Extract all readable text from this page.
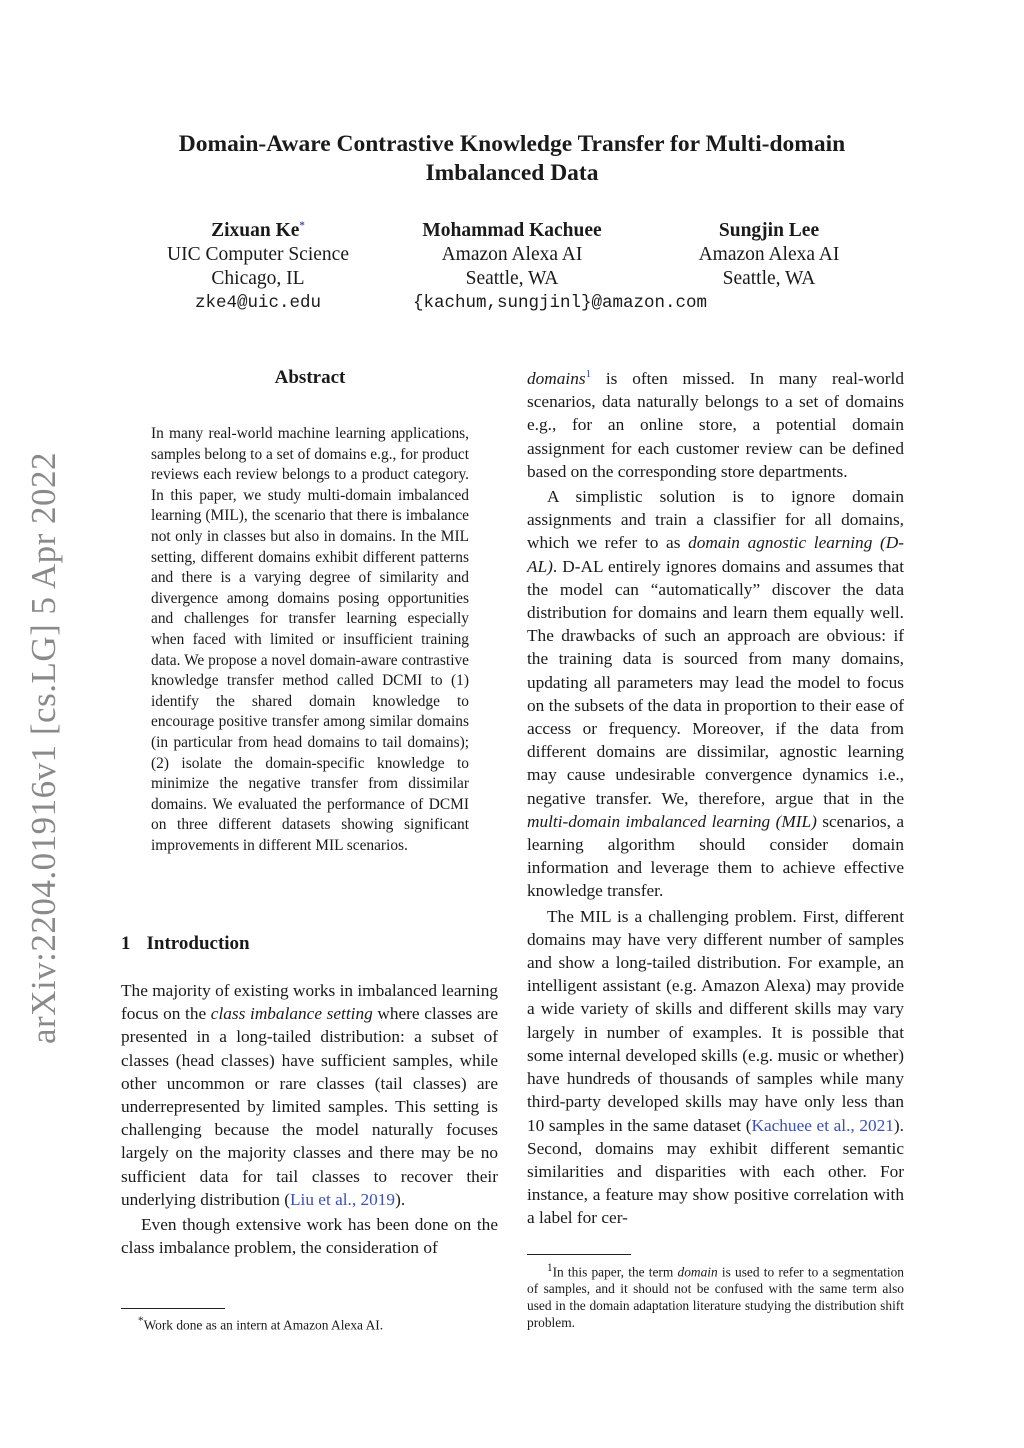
arXiv:2204.01916v1 [cs.LG] 5 Apr 2022
Domain-Aware Contrastive Knowledge Transfer for Multi-domain
Imbalanced Data
Zixuan Ke*
UIC Computer Science
Chicago, IL
zke4@uic.edu
Mohammad Kachuee
Amazon Alexa AI
Seattle, WA
Sungjin Lee
Amazon Alexa AI
Seattle, WA
{kachum,sungjinl}@amazon.com
Abstract
In many real-world machine learning applications, samples belong to a set of domains e.g., for product reviews each review belongs to a product category. In this paper, we study multi-domain imbalanced learning (MIL), the scenario that there is imbalance not only in classes but also in domains. In the MIL setting, different domains exhibit different patterns and there is a varying degree of similarity and divergence among domains posing opportunities and challenges for transfer learning especially when faced with limited or insufficient training data. We propose a novel domain-aware contrastive knowledge transfer method called DCMI to (1) identify the shared domain knowledge to encourage positive transfer among similar domains (in particular from head domains to tail domains); (2) isolate the domain-specific knowledge to minimize the negative transfer from dissimilar domains. We evaluated the performance of DCMI on three different datasets showing significant improvements in different MIL scenarios.
1 Introduction

The majority of existing works in imbalanced learning focus on the class imbalance setting where classes are presented in a long-tailed distribution: a subset of classes (head classes) have sufficient samples, while other uncommon or rare classes (tail classes) are underrepresented by limited samples. This setting is challenging because the model naturally focuses largely on the majority classes and there may be no sufficient data for tail classes to recover their underlying distribution (Liu et al., 2019).

Even though extensive work has been done on the class imbalance problem, the consideration of

domains$^1$ is often missed. In many real-world scenarios, data naturally belongs to a set of domains e.g., for an online store, a potential domain assignment for each customer review can be defined based on the corresponding store departments.

A simplistic solution is to ignore domain assignments and train a classifier for all domains, which we refer to as domain agnostic learning (D-AL). D-AL entirely ignores domains and assumes that the model can “automatically” discover the data distribution for domains and learn them equally well. The drawbacks of such an approach are obvious: if the training data is sourced from many domains, updating all parameters may lead the model to focus on the subsets of the data in proportion to their ease of access or frequency. Moreover, if the data from different domains are dissimilar, agnostic learning may cause undesirable convergence dynamics i.e., negative transfer. We, therefore, argue that in the multi-domain imbalanced learning (MIL) scenarios, a learning algorithm should consider domain information and leverage them to achieve effective knowledge transfer.

The MIL is a challenging problem. First, different domains may have very different number of samples and show a long-tailed distribution. For example, an intelligent assistant (e.g. Amazon Alexa) may provide a wide variety of skills and different skills may vary largely in number of examples. It is possible that some internal developed skills (e.g. music or whether) have hundreds of thousands of samples while many third-party developed skills may have only less than 10 samples in the same dataset (Kachuee et al., 2021). Second, domains may exhibit different semantic similarities and disparities with each other. For instance, a feature may show positive correlation with a label for cer-

*Work done as an intern at Amazon Alexa AI.
$^1$In this paper, the term domain is used to refer to a segmentation of samples, and it should not be confused with the same term also used in the domain adaptation literature studying the distribution shift problem.
